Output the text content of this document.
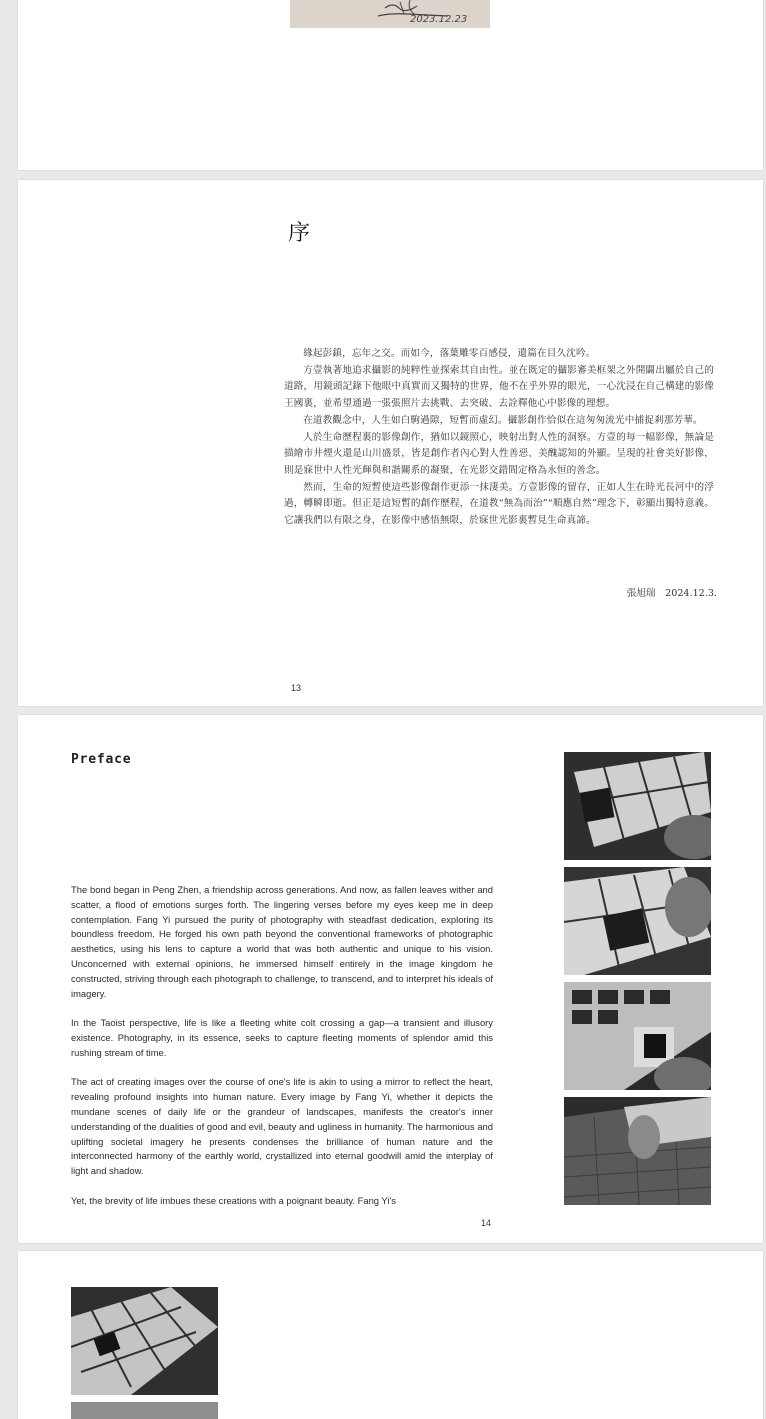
2023.12.23
序

緣起彭鎮，忘年之交。而如今，落葉雕零百感侵，遺篇在目久沈吟。

方壹執著地追求攝影的純粹性並探索其自由性。並在既定的攝影審美框架之外開闢出屬於自己的道路，用鏡頭記錄下他眼中真實而又獨特的世界，他不在乎外界的眼光，一心沈浸在自己構建的影像王國裏，並希望通過一張張照片去挑戰、去突破、去詮釋他心中影像的理想。

在道教觀念中，人生如白駒過隙，短暫而虛幻。攝影創作恰似在這匆匆流光中捕捉剎那芳華。

人於生命歷程裏的影像創作，猶如以鏡照心，映射出對人性的洞察。方壹的每一幅影像，無論是描繪市井煙火還是山川盛景，皆是創作者內心對人性善惡、美醜認知的外顯。呈現的社會美好影像，則是寐世中人性光輝與和諧關系的凝聚，在光影交錯間定格為永恒的善念。

然而，生命的短暫使這些影像創作更添一抹淒美。方壹影像的留存，正如人生在時光長河中的浮過，轉瞬即逝。但正是這短暫的創作歷程，在道教“無為而治”“順應自然”理念下，彰顯出獨特意義。它讓我們以有限之身，在影像中感悟無限，於寐世光影裏暫見生命真諦。

張旭瑞　2024.12.3.
13
Preface

The bond began in Peng Zhen, a friendship across generations. And now, as fallen leaves wither and scatter, a flood of emotions surges forth. The lingering verses before my eyes keep me in deep contemplation. Fang Yi pursued the purity of photography with steadfast dedication, exploring its boundless freedom. He forged his own path beyond the conventional frameworks of photographic aesthetics, using his lens to capture a world that was both authentic and unique to his vision. Unconcerned with external opinions, he immersed himself entirely in the image kingdom he constructed, striving through each photograph to challenge, to transcend, and to interpret his ideals of imagery.

In the Taoist perspective, life is like a fleeting white colt crossing a gap—a transient and illusory existence. Photography, in its essence, seeks to capture fleeting moments of splendor amid this rushing stream of time.

The act of creating images over the course of one's life is akin to using a mirror to reflect the heart, revealing profound insights into human nature. Every image by Fang Yi, whether it depicts the mundane scenes of daily life or the grandeur of landscapes, manifests the creator's inner understanding of the dualities of good and evil, beauty and ugliness in humanity. The harmonious and uplifting societal imagery he presents condenses the brilliance of human nature and the interconnected harmony of the earthly world, crystallized into eternal goodwill amid the interplay of light and shadow.

Yet, the brevity of life imbues these creations with a poignant beauty. Fang Yi's

14
